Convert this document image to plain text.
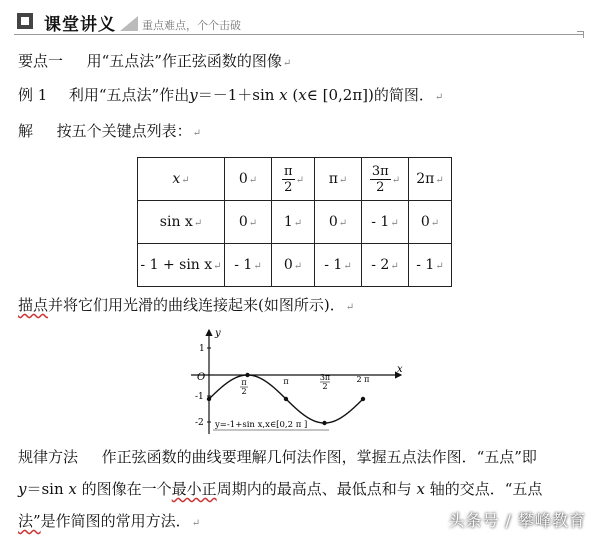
课堂讲义 重点难点，个个击破
要点一 用“五点法”作正弦函数的图像↵
例 1 利用“五点法”作出y＝－1＋sin x (x∈ [0,2π])的简图．↵
解 按五个关键点列表：↵
x↵	0↵	$\frac{\pi}{2}$ ↵	π↵	$\frac{3\pi}{2}$ ↵	2π↵
sin x↵	0↵	1↵	0↵	- 1↵	0↵
- 1 + sin x↵	- 1↵	0↵	- 1↵	- 2↵	- 1↵
描点并将它们用光滑的曲线连接起来(如图所示)．↵
y
x
O
1
-1
-2
π
2
π	3π
2
2 π
y=-1+sin x,x∈[0,2 π ]
规律方法 作正弦函数的曲线要理解几何法作图，掌握五点法作图．“五点”即
y＝sin x 的图像在一个最小正周期内的最高点、最低点和与 x 轴的交点．“五点
法”是作简图的常用方法．↵	头条号 / 攀峰教育
